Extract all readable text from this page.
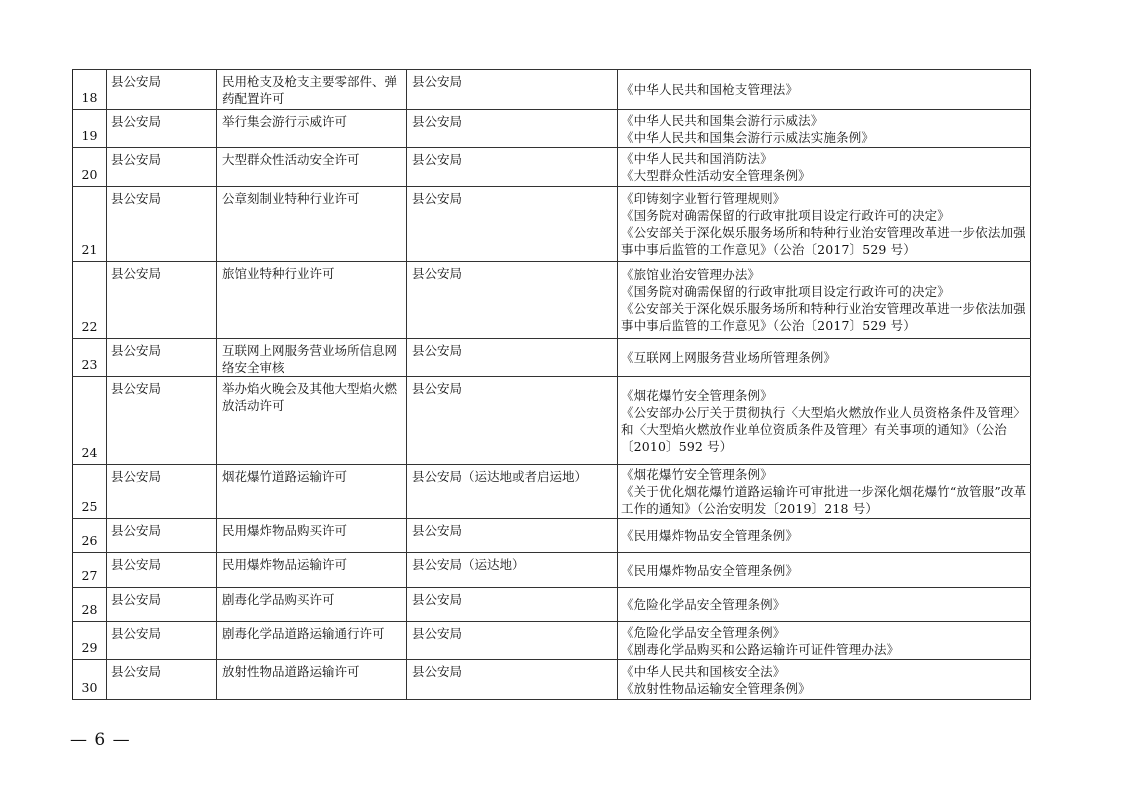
18	县公安局	民用枪支及枪支主要零部件、弹药配置许可	县公安局	《中华人民共和国枪支管理法》

19	县公安局	举行集会游行示威许可	县公安局	《中华人民共和国集会游行示威法》
《中华人民共和国集会游行示威法实施条例》

20	县公安局	大型群众性活动安全许可	县公安局	《中华人民共和国消防法》
《大型群众性活动安全管理条例》

21	县公安局	公章刻制业特种行业许可	县公安局	《印铸刻字业暂行管理规则》
《国务院对确需保留的行政审批项目设定行政许可的决定》
《公安部关于深化娱乐服务场所和特种行业治安管理改革进一步依法加强事中事后监管的工作意见》（公治〔2017〕529 号）

22	县公安局	旅馆业特种行业许可	县公安局	《旅馆业治安管理办法》
《国务院对确需保留的行政审批项目设定行政许可的决定》
《公安部关于深化娱乐服务场所和特种行业治安管理改革进一步依法加强事中事后监管的工作意见》（公治〔2017〕529 号）

23	县公安局	互联网上网服务营业场所信息网络安全审核	县公安局	《互联网上网服务营业场所管理条例》

24	县公安局	举办焰火晚会及其他大型焰火燃放活动许可	县公安局	《烟花爆竹安全管理条例》
《公安部办公厅关于贯彻执行〈大型焰火燃放作业人员资格条件及管理〉和〈大型焰火燃放作业单位资质条件及管理〉有关事项的通知》（公治〔2010〕592 号）

25	县公安局	烟花爆竹道路运输许可	县公安局（运达地或者启运地）	《烟花爆竹安全管理条例》
《关于优化烟花爆竹道路运输许可审批进一步深化烟花爆竹“放管服”改革工作的通知》（公治安明发〔2019〕218 号）

26	县公安局	民用爆炸物品购买许可	县公安局	《民用爆炸物品安全管理条例》

27	县公安局	民用爆炸物品运输许可	县公安局（运达地）	《民用爆炸物品安全管理条例》

28	县公安局	剧毒化学品购买许可	县公安局	《危险化学品安全管理条例》

29	县公安局	剧毒化学品道路运输通行许可	县公安局	《危险化学品安全管理条例》
《剧毒化学品购买和公路运输许可证件管理办法》

30	县公安局	放射性物品道路运输许可	县公安局	《中华人民共和国核安全法》
《放射性物品运输安全管理条例》
— 6 —
